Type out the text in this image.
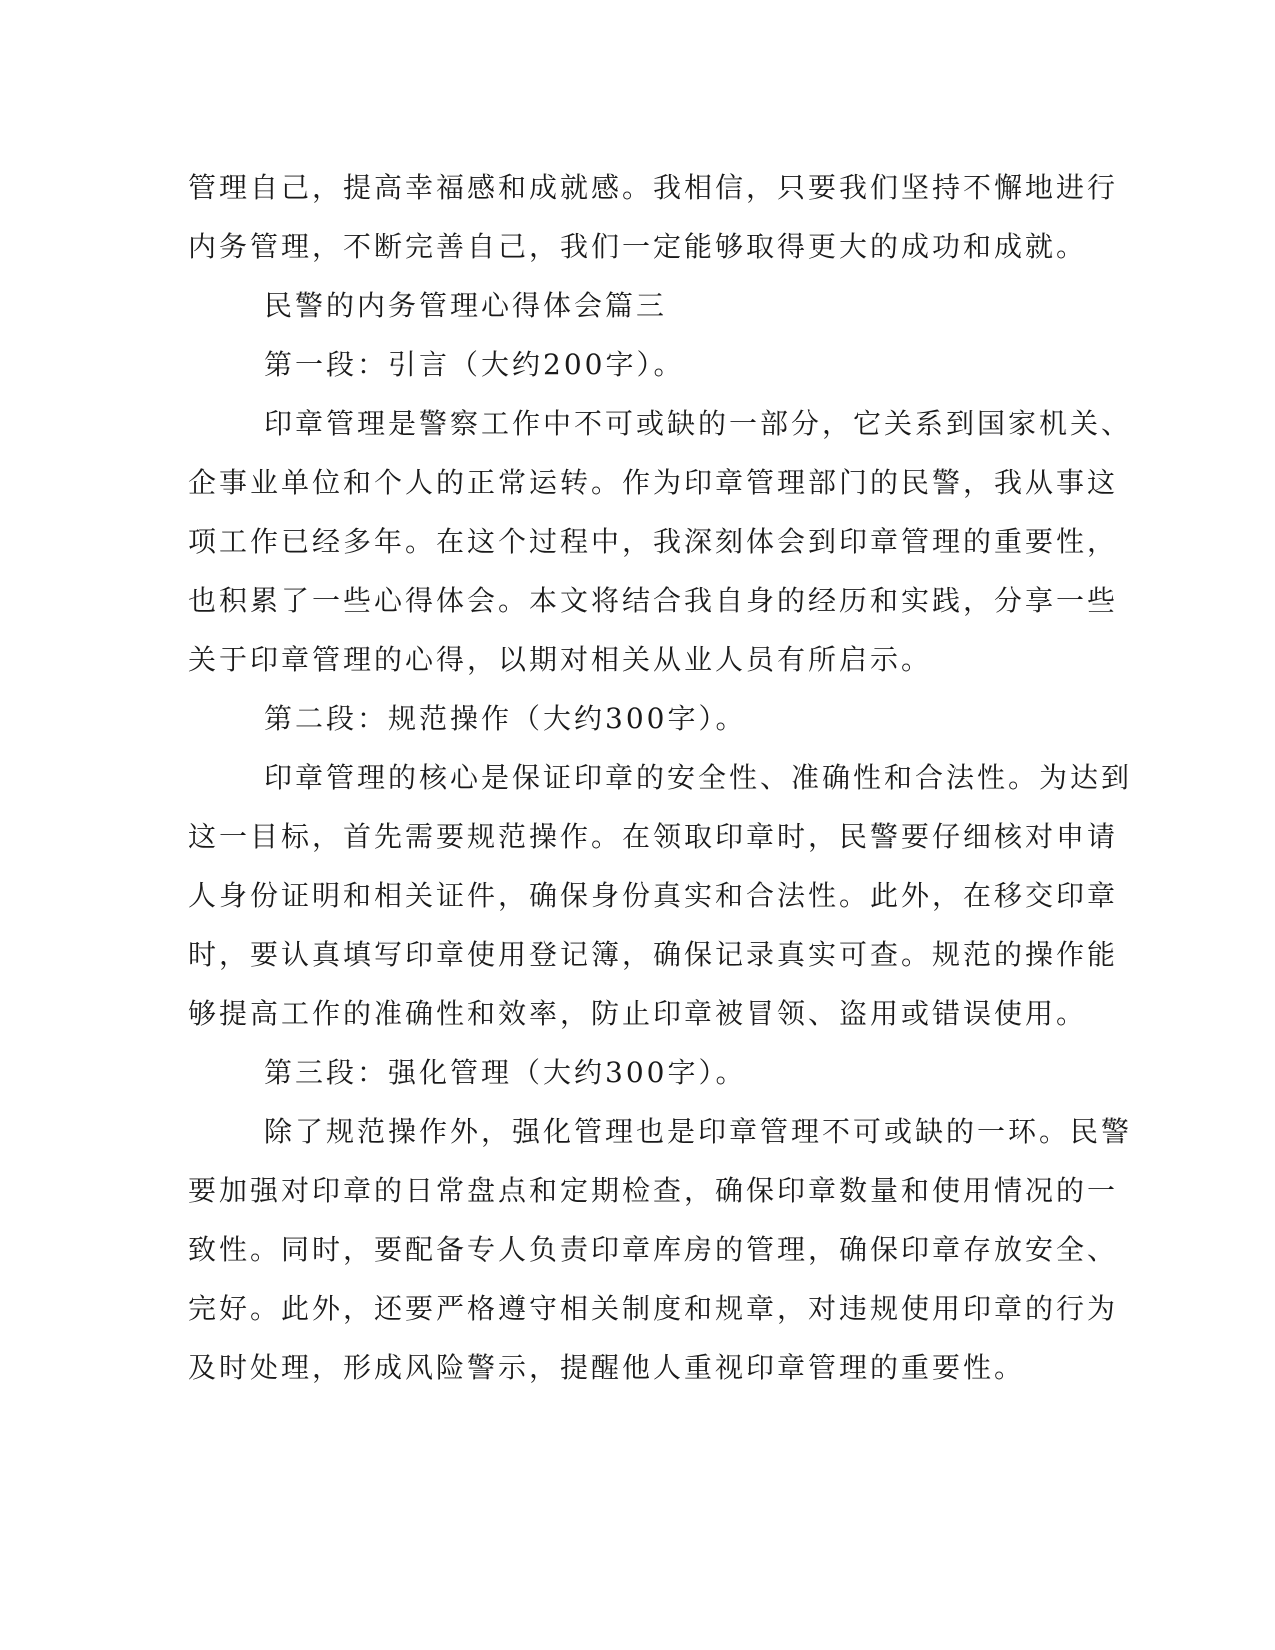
管理自己，提高幸福感和成就感。我相信，只要我们坚持不懈地进行
内务管理，不断完善自己，我们一定能够取得更大的成功和成就。
民警的内务管理心得体会篇三
第一段：引言（大约200字）。
印章管理是警察工作中不可或缺的一部分，它关系到国家机关、
企事业单位和个人的正常运转。作为印章管理部门的民警，我从事这
项工作已经多年。在这个过程中，我深刻体会到印章管理的重要性，
也积累了一些心得体会。本文将结合我自身的经历和实践，分享一些
关于印章管理的心得，以期对相关从业人员有所启示。
第二段：规范操作（大约300字）。
印章管理的核心是保证印章的安全性、准确性和合法性。为达到
这一目标，首先需要规范操作。在领取印章时，民警要仔细核对申请
人身份证明和相关证件，确保身份真实和合法性。此外，在移交印章
时，要认真填写印章使用登记簿，确保记录真实可查。规范的操作能
够提高工作的准确性和效率，防止印章被冒领、盗用或错误使用。
第三段：强化管理（大约300字）。
除了规范操作外，强化管理也是印章管理不可或缺的一环。民警
要加强对印章的日常盘点和定期检查，确保印章数量和使用情况的一
致性。同时，要配备专人负责印章库房的管理，确保印章存放安全、
完好。此外，还要严格遵守相关制度和规章，对违规使用印章的行为
及时处理，形成风险警示，提醒他人重视印章管理的重要性。
